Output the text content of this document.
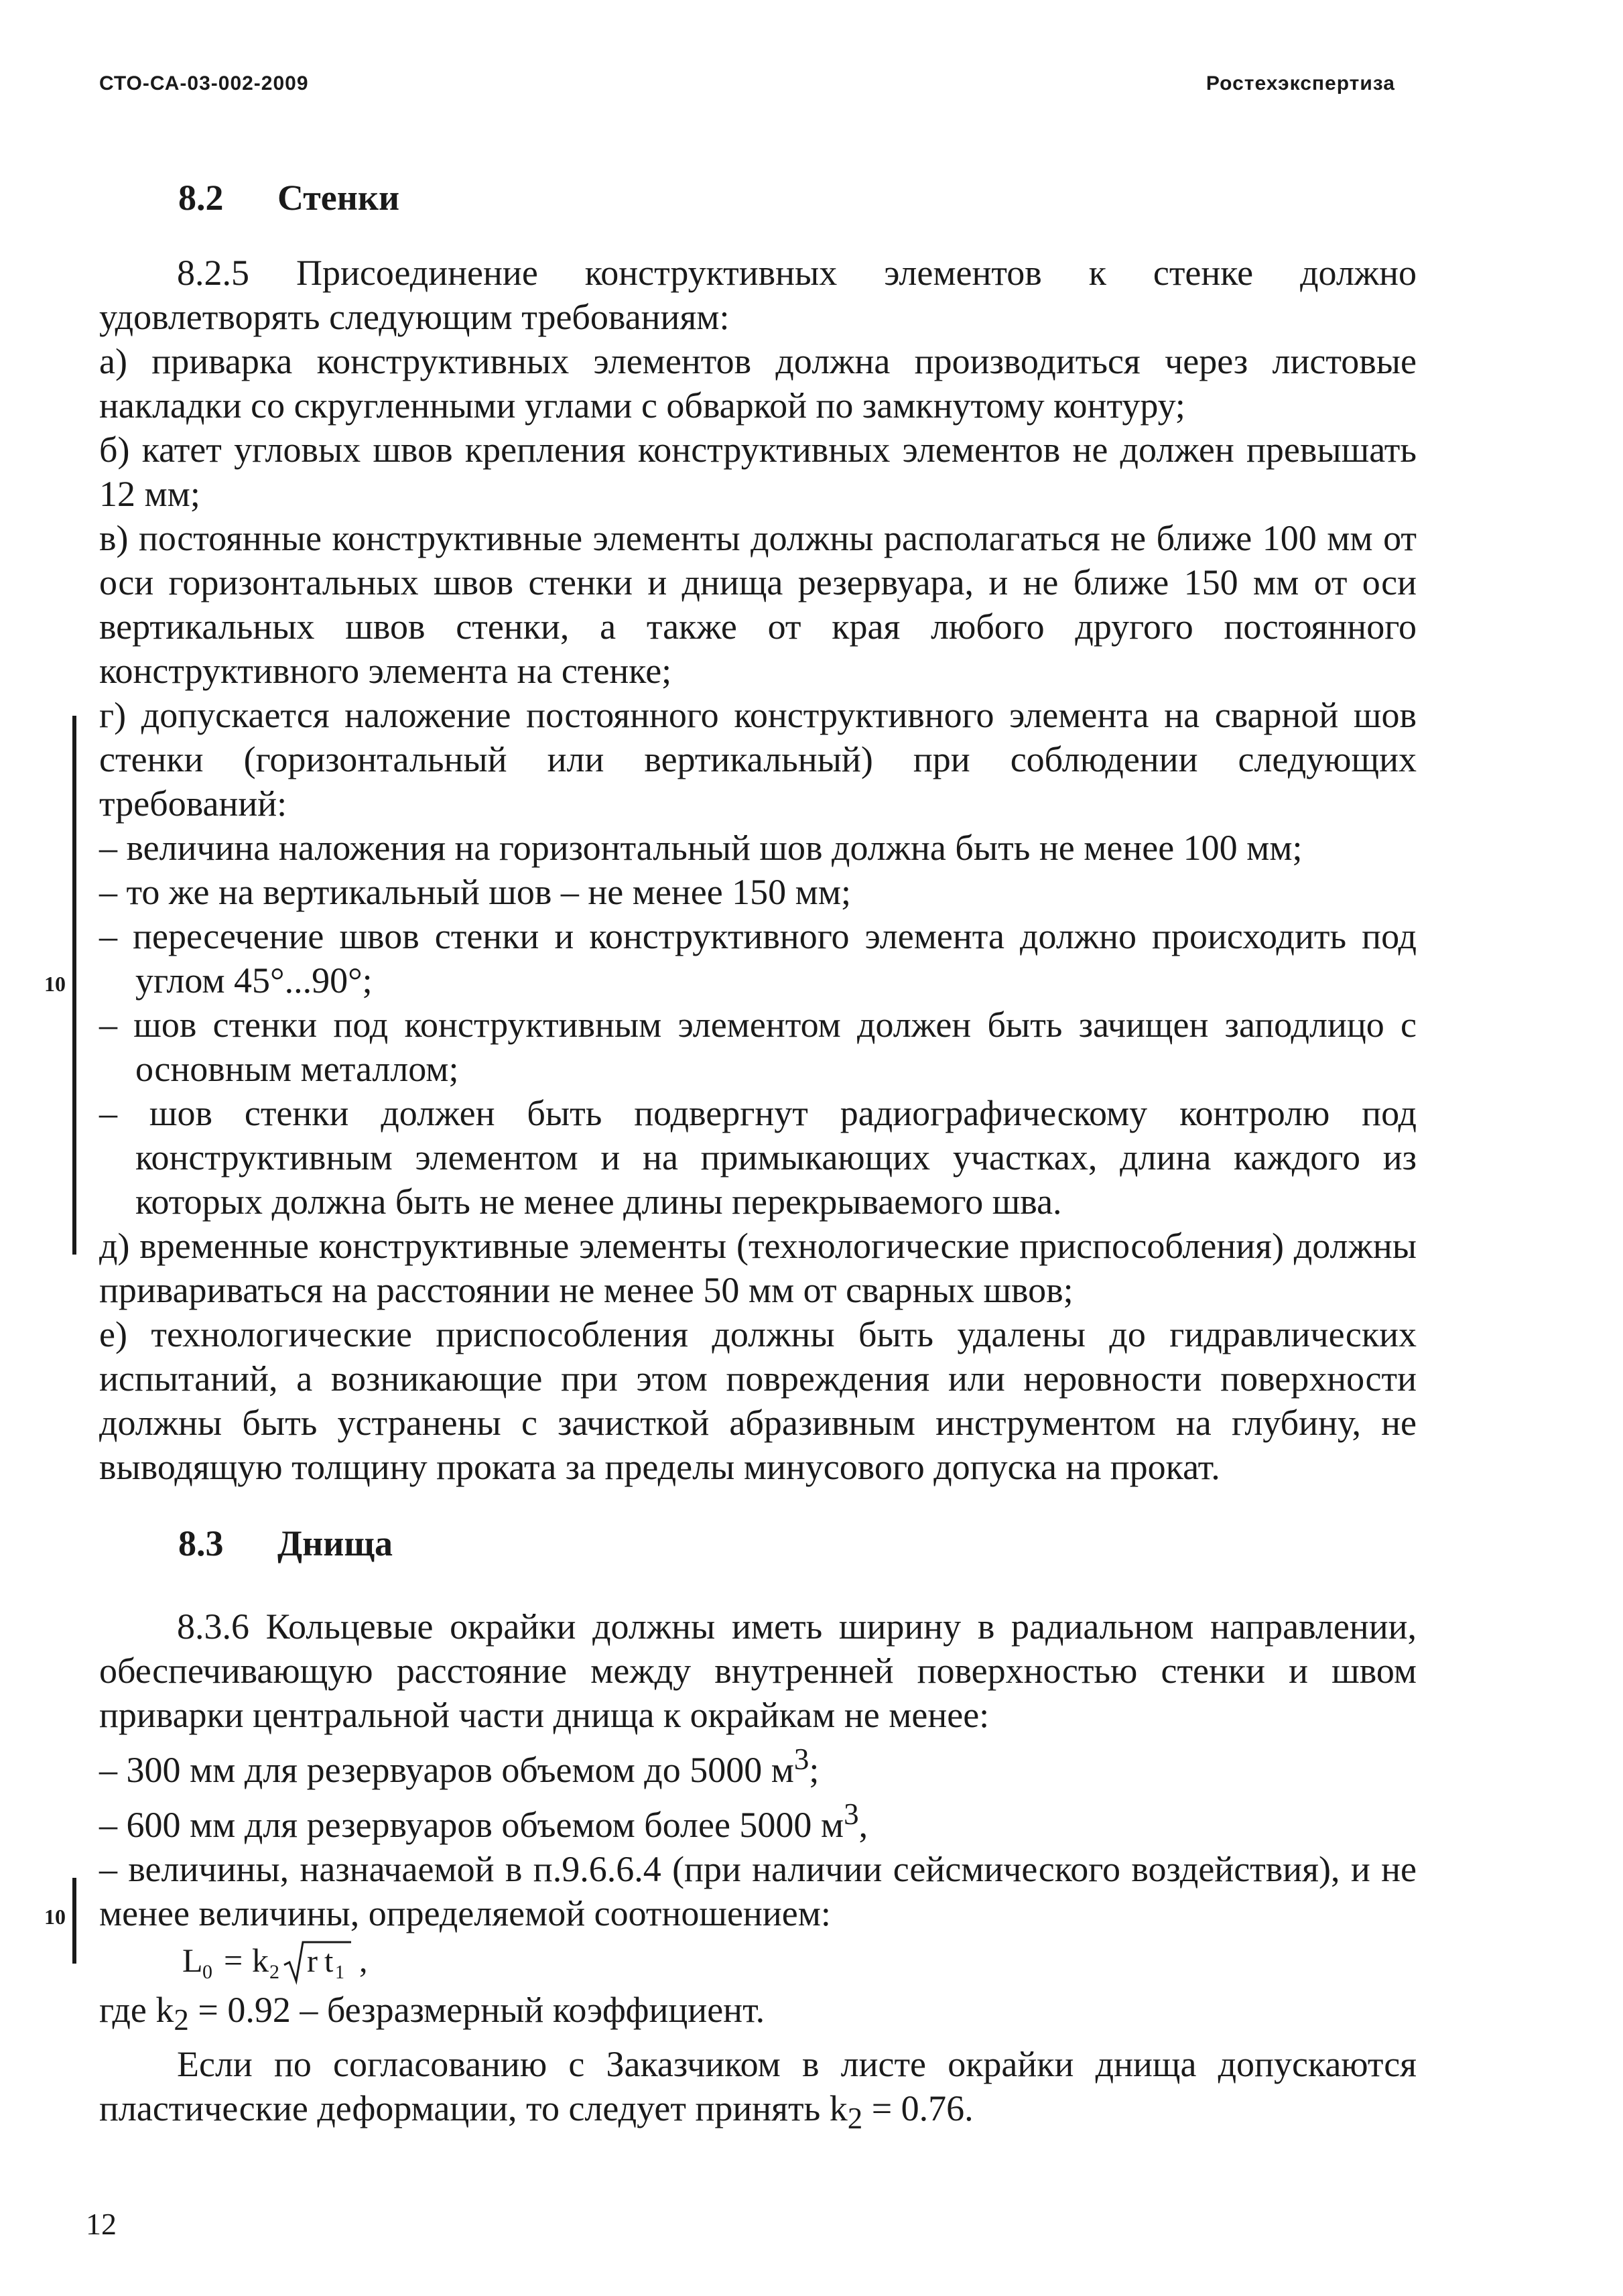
СТО-СА-03-002-2009	Ростехэкспертиза
10
10
8.2 Стенки

8.2.5 Присоединение конструктивных элементов к стенке должно удовлетворять следующим требованиям:

а) приварка конструктивных элементов должна производиться через листовые накладки со скругленными углами с обваркой по замкнутому контуру;

б) катет угловых швов крепления конструктивных элементов не должен превышать 12 мм;

в) постоянные конструктивные элементы должны располагаться не ближе 100 мм от оси горизонтальных швов стенки и днища резервуара, и не ближе 150 мм от оси вертикальных швов стенки, а также от края любого другого постоянного конструктивного элемента на стенке;

г) допускается наложение постоянного конструктивного элемента на сварной шов стенки (горизонтальный или вертикальный) при соблюдении следующих требований:

– величина наложения на горизонтальный шов должна быть не менее 100 мм;

– то же на вертикальный шов – не менее 150 мм;

– пересечение швов стенки и конструктивного элемента должно происходить под углом 45°...90°;

– шов стенки под конструктивным элементом должен быть зачищен заподлицо с основным металлом;

– шов стенки должен быть подвергнут радиографическому контролю под конструктивным элементом и на примыкающих участках, длина каждого из которых должна быть не менее длины перекрываемого шва.

д) временные конструктивные элементы (технологические приспособления) должны привариваться на расстоянии не менее 50 мм от сварных швов;

е) технологические приспособления должны быть удалены до гидравлических испытаний, а возникающие при этом повреждения или неровности поверхности должны быть устранены с зачисткой абразивным инструментом на глубину, не выводящую толщину проката за пределы минусового допуска на прокат.

8.3 Днища

8.3.6 Кольцевые окрайки должны иметь ширину в радиальном направлении, обеспечивающую расстояние между внутренней поверхностью стенки и швом приварки центральной части днища к окрайкам не менее:

– 300 мм для резервуаров объемом до 5000 $м^3$;

– 600 мм для резервуаров объемом более 5000 $м^3$,

– величины, назначаемой в п.9.6.6.4 (при наличии сейсмического воздействия), и не менее величины, определяемой соотношением:

L 0 = k 2 r t 1 ,

где $k_2 = 0.92$ – безразмерный коэффициент.

Если по согласованию с Заказчиком в листе окрайки днища допускаются пластические деформации, то следует принять $k_2 = 0.76$.

12
